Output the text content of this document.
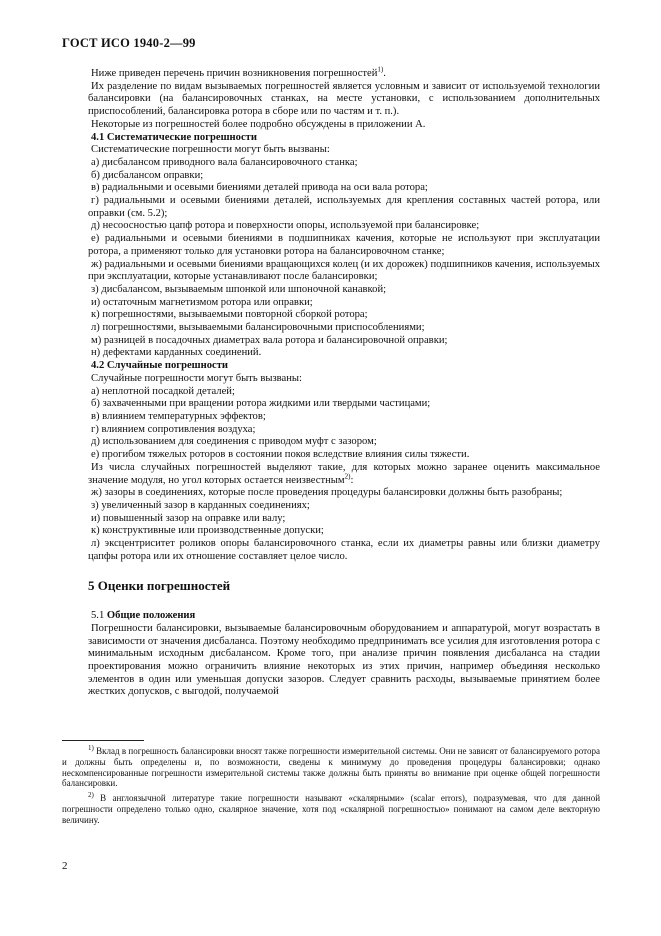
ГОСТ ИСО 1940-2—99

Ниже приведен перечень причин возникновения погрешностей$^{1)}$.

Их разделение по видам вызываемых погрешностей является условным и зависит от используемой технологии балансировки (на балансировочных станках, на месте установки, с использованием дополнительных приспособлений, балансировка ротора в сборе или по частям и т. п.).

Некоторые из погрешностей более подробно обсуждены в приложении А.

4.1 Систематические погрешности

Систематические погрешности могут быть вызваны:

а) дисбалансом приводного вала балансировочного станка;

б) дисбалансом оправки;

в) радиальными и осевыми биениями деталей привода на оси вала ротора;

г) радиальными и осевыми биениями деталей, используемых для крепления составных частей ротора, или оправки (см. 5.2);

д) несоосностью цапф ротора и поверхности опоры, используемой при балансировке;

е) радиальными и осевыми биениями в подшипниках качения, которые не используют при эксплуатации ротора, а применяют только для установки ротора на балансировочном станке;

ж) радиальными и осевыми биениями вращающихся колец (и их дорожек) подшипников качения, используемых при эксплуатации, которые устанавливают после балансировки;

з) дисбалансом, вызываемым шпонкой или шпоночной канавкой;

и) остаточным магнетизмом ротора или оправки;

к) погрешностями, вызываемыми повторной сборкой ротора;

л) погрешностями, вызываемыми балансировочными приспособлениями;

м) разницей в посадочных диаметрах вала ротора и балансировочной оправки;

н) дефектами карданных соединений.

4.2 Случайные погрешности

Случайные погрешности могут быть вызваны:

а) неплотной посадкой деталей;

б) захваченными при вращении ротора жидкими или твердыми частицами;

в) влиянием температурных эффектов;

г) влиянием сопротивления воздуха;

д) использованием для соединения с приводом муфт с зазором;

е) прогибом тяжелых роторов в состоянии покоя вследствие влияния силы тяжести.

Из числа случайных погрешностей выделяют такие, для которых можно заранее оценить максимальное значение модуля, но угол которых остается неизвестным$^{2)}$:

ж) зазоры в соединениях, которые после проведения процедуры балансировки должны быть разобраны;

з) увеличенный зазор в карданных соединениях;

и) повышенный зазор на оправке или валу;

к) конструктивные или производственные допуски;

л) эксцентриситет роликов опоры балансировочного станка, если их диаметры равны или близки диаметру цапфы ротора или их отношение составляет целое число.

5 Оценки погрешностей

5.1 Общие положения

Погрешности балансировки, вызываемые балансировочным оборудованием и аппаратурой, могут возрастать в зависимости от значения дисбаланса. Поэтому необходимо предпринимать все усилия для изготовления ротора с минимальным исходным дисбалансом. Кроме того, при анализе причин появления дисбаланса на стадии проектирования можно ограничить влияние некоторых из этих причин, например объединяя несколько элементов в один или уменьшая допуски зазоров. Следует сравнить расходы, вызываемые принятием более жестких допусков, с выгодой, получаемой

$^{1)}$ Вклад в погрешность балансировки вносят также погрешности измерительной системы. Они не зависят от балансируемого ротора и должны быть определены и, по возможности, сведены к минимуму до проведения процедуры балансировки; однако нескомпенсированные погрешности измерительной системы также должны быть приняты во внимание при оценке общей погрешности балансировки.

$^{2)}$ В англоязычной литературе такие погрешности называют «скалярными» (scalar errors), подразумевая, что для данной погрешности определено только одно, скалярное значение, хотя под «скалярной погрешностью» понимают на самом деле векторную величину.

2
